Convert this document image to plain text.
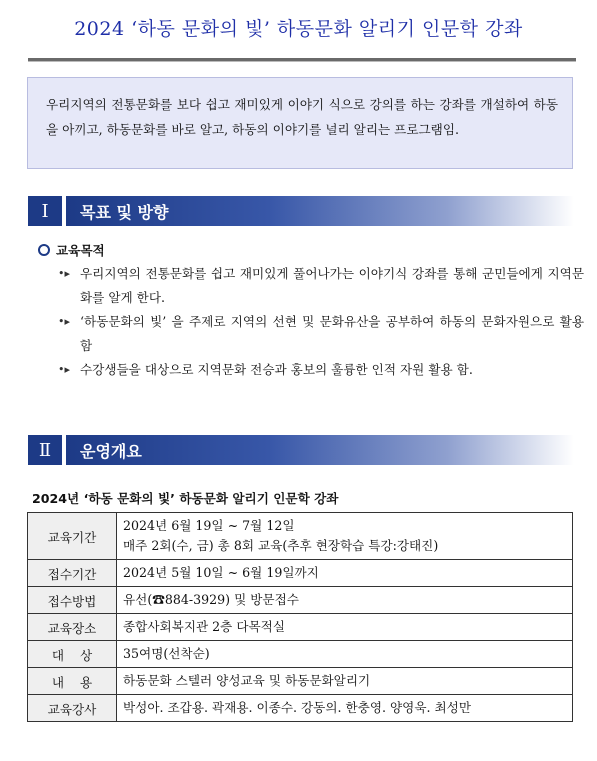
2024 ‘하동 문화의 빛’ 하동문화 알리기 인문학 강좌
우리지역의 전통문화를 보다 쉽고 재미있게 이야기 식으로 강의를 하는 강좌를 개설하여 하동을 아끼고, 하동문화를 바로 알고, 하동의 이야기를 널리 알리는 프로그램임.
Ⅰ	목표 및 방향
교육목적
•▸ 우리지역의 전통문화를 쉽고 재미있게 풀어나가는 이야기식 강좌를 통해 군민들에게 지역문화를 알게 한다.
•▸ ‘하동문화의 빛’ 을 주제로 지역의 선현 및 문화유산을 공부하여 하동의 문화자원으로 활용 함
•▸ 수강생들을 대상으로 지역문화 전승과 홍보의 훌륭한 인적 자원 활용 함.
Ⅱ	운영개요
2024년 ‘하동 문화의 빛’ 하동문화 알리기 인문학 강좌
교육기간	2024년 6월 19일 ~ 7월 12일
매주 2회(수, 금) 총 8회 교육(추후 현장학습 특강:강태진)

접수기간	2024년 5월 10일 ~ 6월 19일까지
접수방법	유선(☎884-3929) 및 방문접수
교육장소	종합사회복지관 2층 다목적실
대    상	35여명(선착순)
내    용	하동문화 스텔러 양성교육 및 하동문화알리기
교육강사	박성아. 조갑용. 곽재용. 이종수. 강동의. 한충영. 양영욱. 최성만
